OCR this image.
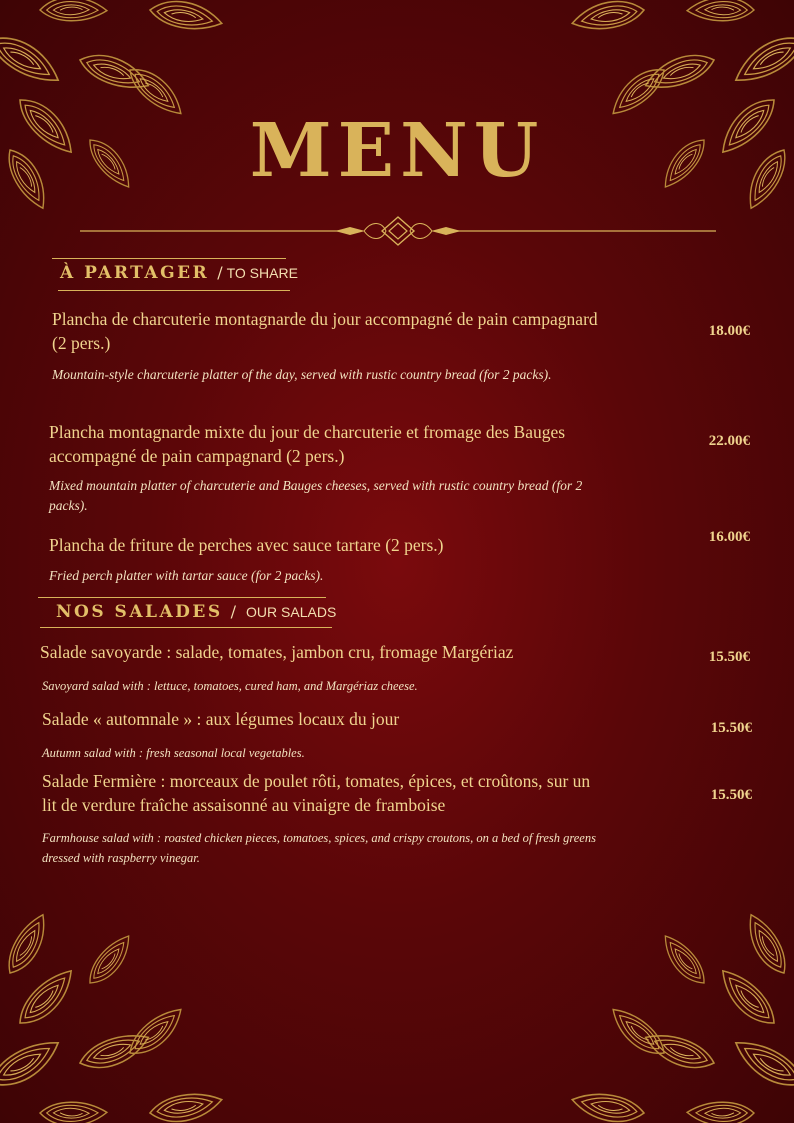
MENU
À PARTAGER / TO SHARE
Plancha de charcuterie montagnarde du jour accompagné de pain campagnard (2 pers.)
18.00€
Mountain-style charcuterie platter of the day, served with rustic country bread (for 2 packs).
Plancha montagnarde mixte du jour de charcuterie et fromage des Bauges accompagné de pain campagnard (2 pers.)
22.00€
Mixed mountain platter of charcuterie and Bauges cheeses, served with rustic country bread (for 2 packs).
Plancha de friture de perches avec sauce tartare (2 pers.)	16.00€
Fried perch platter with tartar sauce (for 2 packs).
NOS SALADES / OUR SALADS
Salade savoyarde : salade, tomates, jambon cru, fromage Margériaz	15.50€
Savoyard salad with : lettuce, tomatoes, cured ham, and Margériaz cheese.
Salade « automnale » : aux légumes locaux du jour	15.50€
Autumn salad with : fresh seasonal local vegetables.
Salade Fermière : morceaux de poulet rôti, tomates, épices, et croûtons, sur un lit de verdure fraîche assaisonné au vinaigre de framboise	15.50€
Farmhouse salad with : roasted chicken pieces, tomatoes, spices, and crispy croutons, on a bed of fresh greens dressed with raspberry vinegar.
